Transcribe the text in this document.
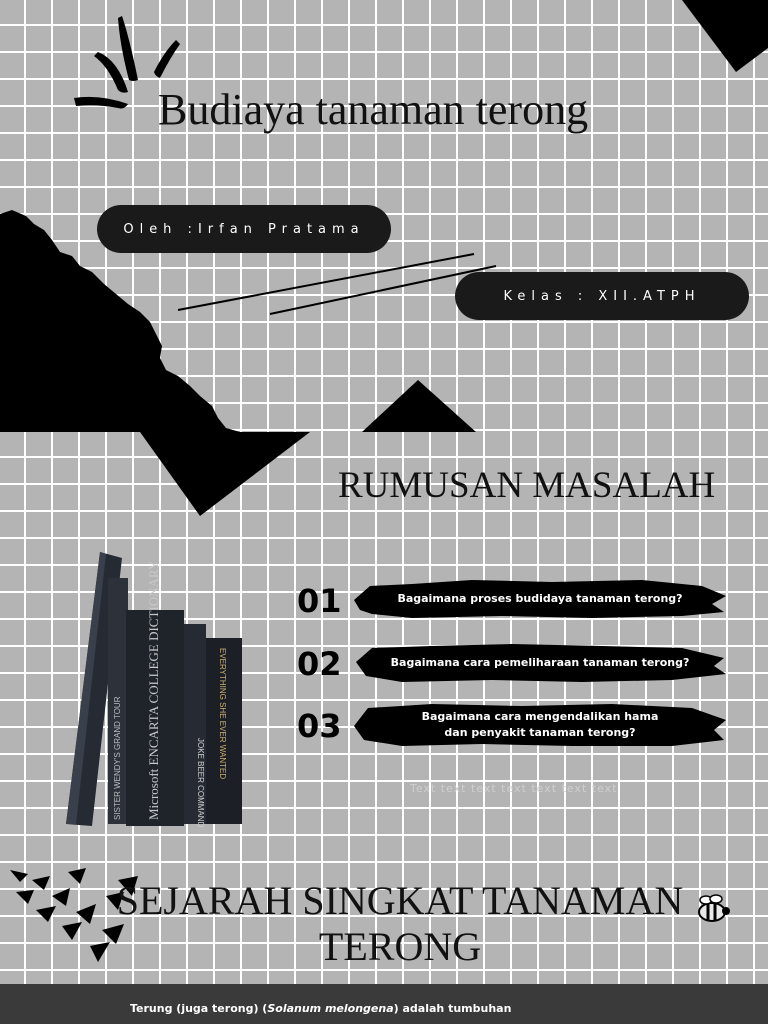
Budiaya tanaman terong
Oleh :Irfan Pratama
Kelas : XII.ATPH
RUMUSAN MASALAH
Microsoft ENCARTA COLLEGE DICTIONARY
SISTER WENDY'S GRAND TOUR	JOKE BEER COMMAND
EVERYTHING SHE EVER WANTED
01	Bagaimana proses budidaya tanaman terong?
02	Bagaimana cara pemeliharaan tanaman terong?
03	Bagaimana cara mengendalikan hama dan penyakit tanaman terong?
Text text text text text text text
SEJARAH SINGKAT TANAMAN TERONG
Terung (juga terong) (Solanum melongena) adalah tumbuhan
